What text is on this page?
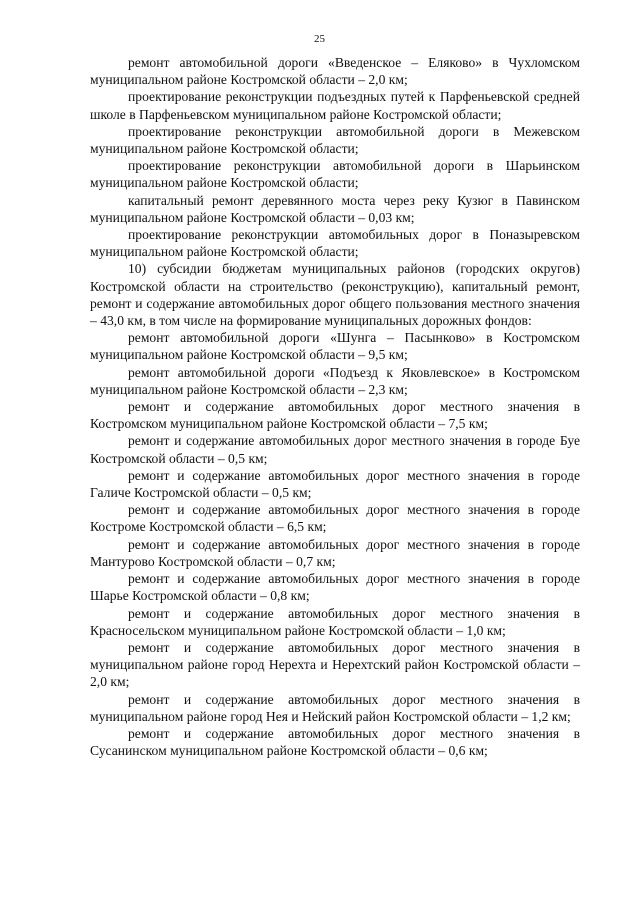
25

ремонт автомобильной дороги «Введенское – Еляково» в Чухломском муниципальном районе Костромской области – 2,0 км;

проектирование реконструкции подъездных путей к Парфеньевской средней школе в Парфеньевском муниципальном районе Костромской области;

проектирование реконструкции автомобильной дороги в Межевском муниципальном районе Костромской области;

проектирование реконструкции автомобильной дороги в Шарьинском муниципальном районе Костромской области;

капитальный ремонт деревянного моста через реку Кузюг в Павинском муниципальном районе Костромской области – 0,03 км;

проектирование реконструкции автомобильных дорог в Поназыревском муниципальном районе Костромской области;

10) субсидии бюджетам муниципальных районов (городских округов) Костромской области на строительство (реконструкцию), капитальный ремонт, ремонт и содержание автомобильных дорог общего пользования местного значения – 43,0 км, в том числе на формирование муниципальных дорожных фондов:

ремонт автомобильной дороги «Шунга – Пасынково» в Костромском муниципальном районе Костромской области – 9,5 км;

ремонт автомобильной дороги «Подъезд к Яковлевское» в Костромском муниципальном районе Костромской области – 2,3 км;

ремонт и содержание автомобильных дорог местного значения в Костромском муниципальном районе Костромской области – 7,5 км;

ремонт и содержание автомобильных дорог местного значения в городе Буе Костромской области – 0,5 км;

ремонт и содержание автомобильных дорог местного значения в городе Галиче Костромской области – 0,5 км;

ремонт и содержание автомобильных дорог местного значения в городе Костроме Костромской области – 6,5 км;

ремонт и содержание автомобильных дорог местного значения в городе Мантурово Костромской области – 0,7 км;

ремонт и содержание автомобильных дорог местного значения в городе Шарье Костромской области – 0,8 км;

ремонт и содержание автомобильных дорог местного значения в Красносельском муниципальном районе Костромской области – 1,0 км;

ремонт и содержание автомобильных дорог местного значения в муниципальном районе город Нерехта и Нерехтский район Костромской области – 2,0 км;

ремонт и содержание автомобильных дорог местного значения в муниципальном районе город Нея и Нейский район Костромской области – 1,2 км;

ремонт и содержание автомобильных дорог местного значения в Сусанинском муниципальном районе Костромской области – 0,6 км;
